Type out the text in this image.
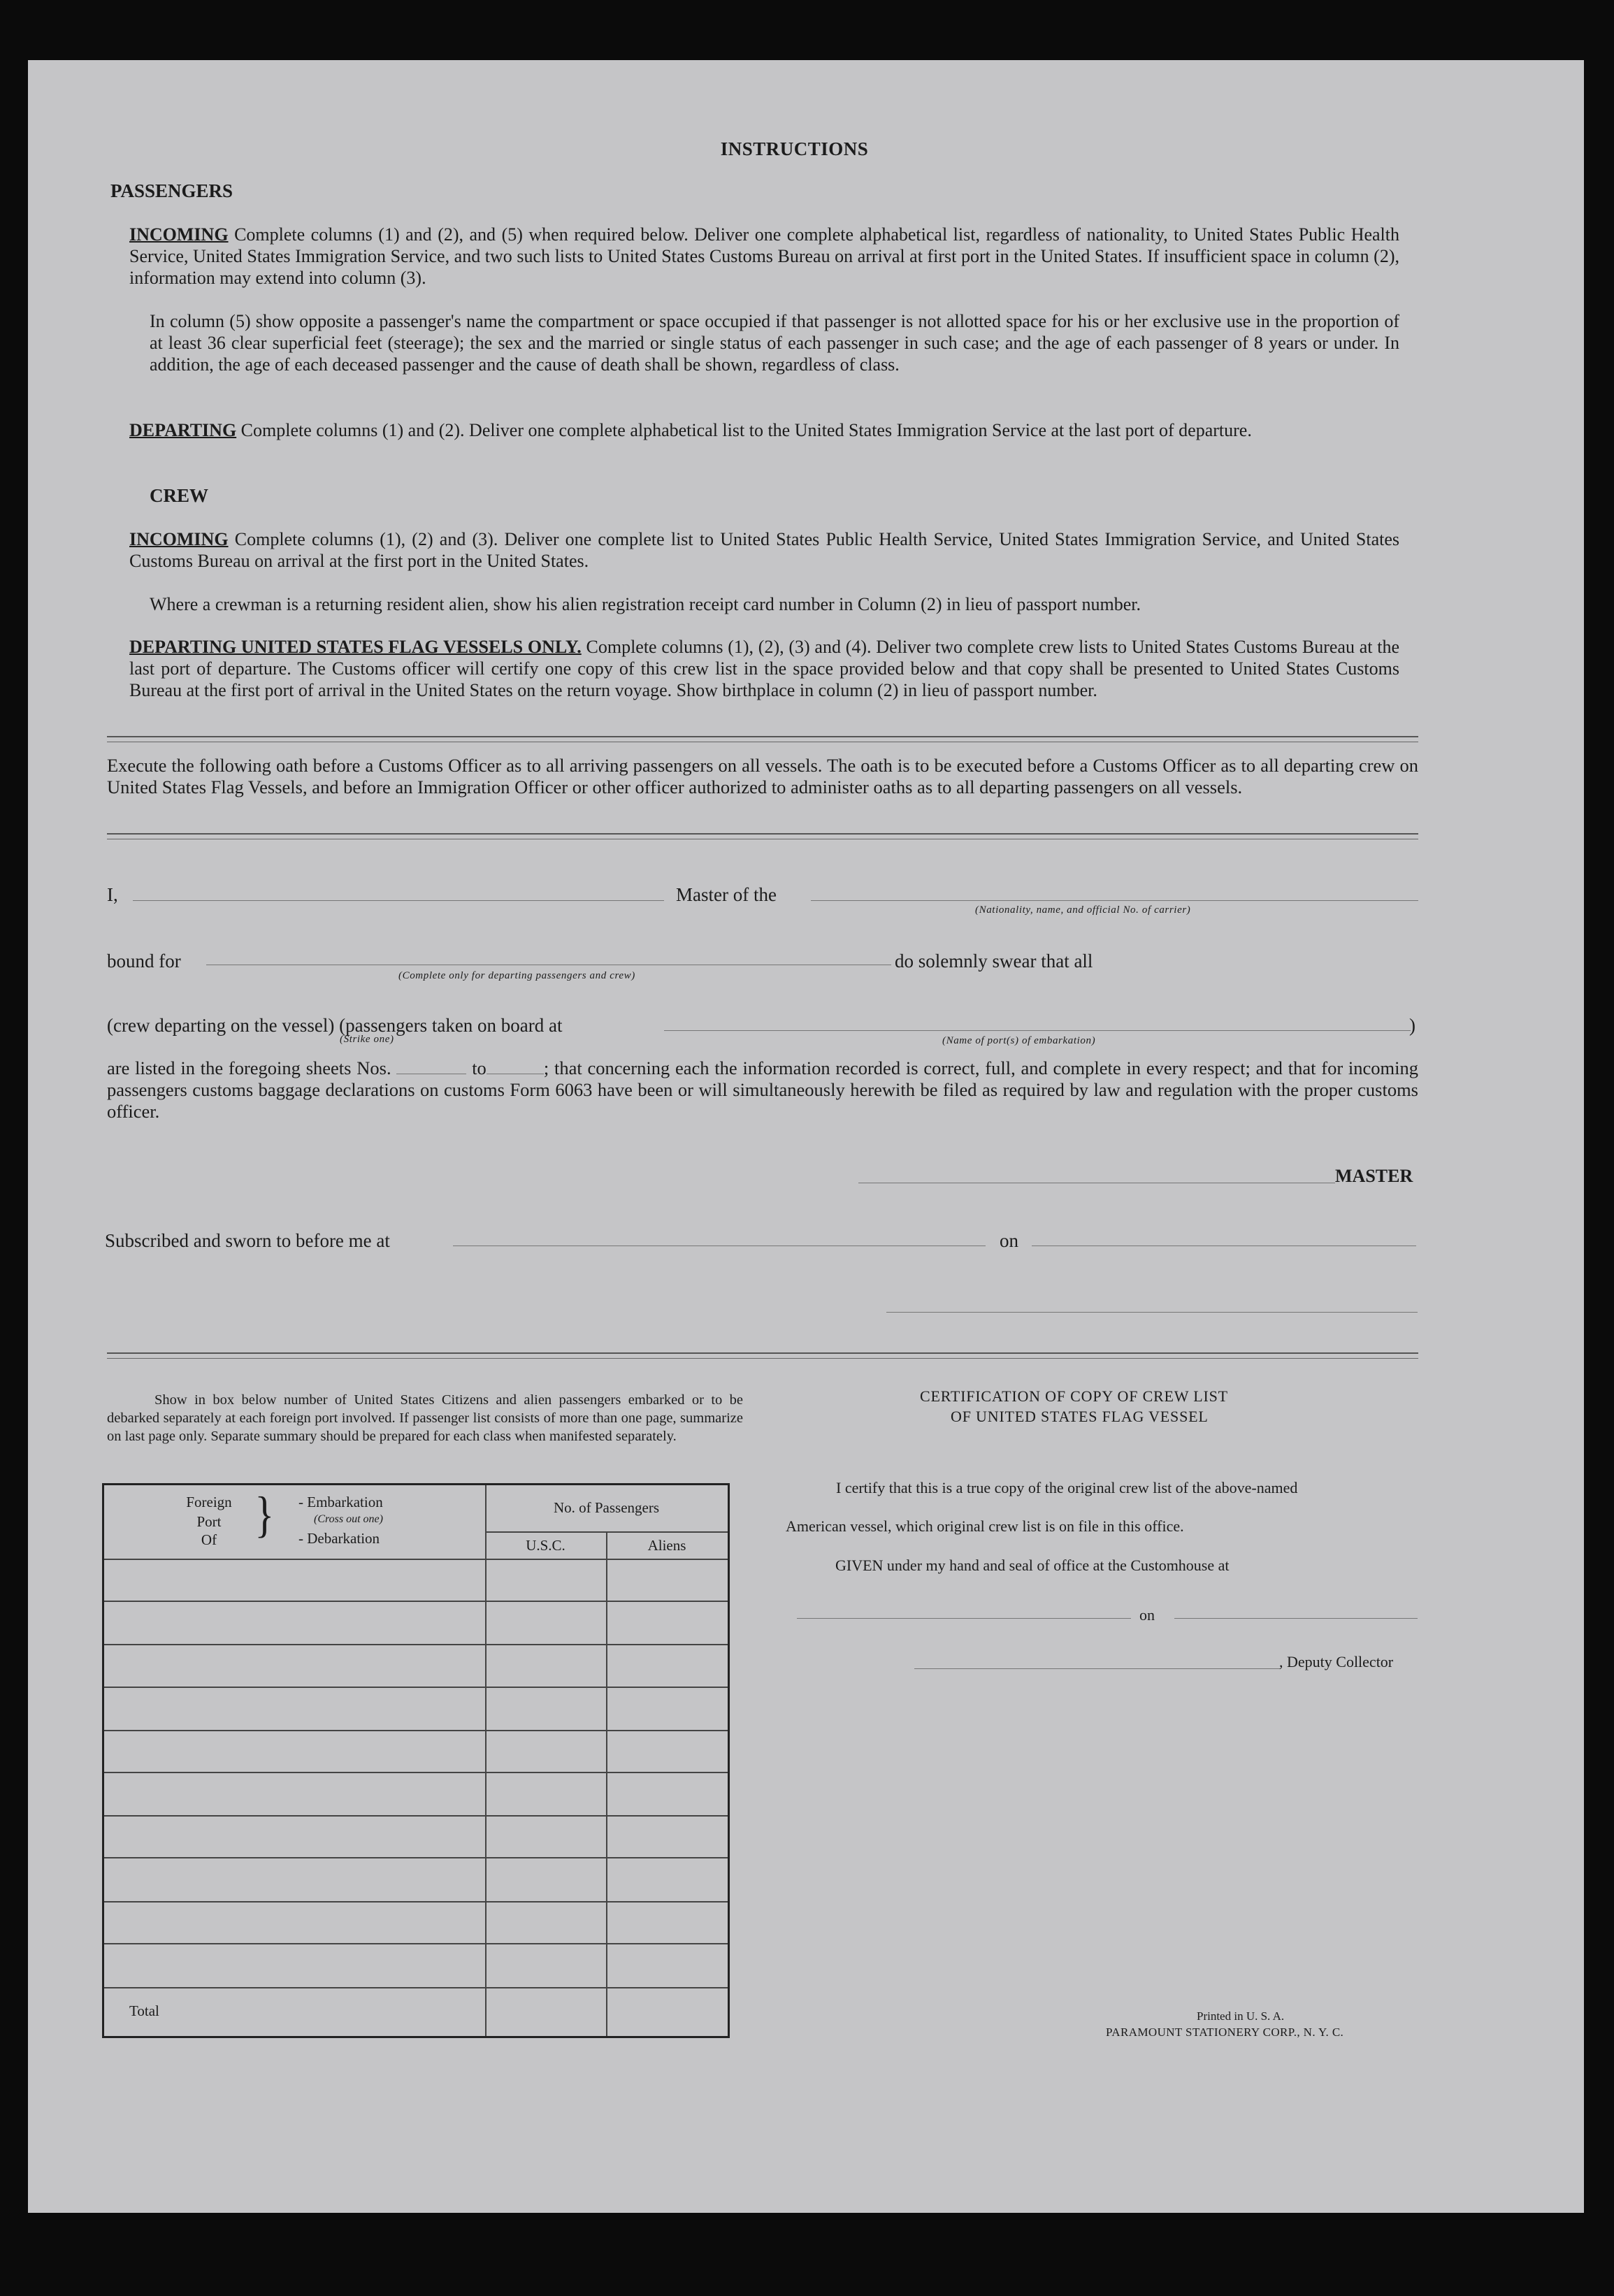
INSTRUCTIONS
PASSENGERS
INCOMING Complete columns (1) and (2), and (5) when required below. Deliver one complete alphabetical list, regardless of nationality, to United States Public Health Service, United States Immigration Service, and two such lists to United States Customs Bureau on arrival at first port in the United States. If insufficient space in column (2), information may extend into column (3).
In column (5) show opposite a passenger's name the compartment or space occupied if that passenger is not allotted space for his or her exclusive use in the proportion of at least 36 clear superficial feet (steerage); the sex and the married or single status of each passenger in such case; and the age of each passenger of 8 years or under. In addition, the age of each deceased passenger and the cause of death shall be shown, regardless of class.
DEPARTING Complete columns (1) and (2). Deliver one complete alphabetical list to the United States Immigration Service at the last port of departure.
CREW
INCOMING Complete columns (1), (2) and (3). Deliver one complete list to United States Public Health Service, United States Immigration Service, and United States Customs Bureau on arrival at the first port in the United States.
Where a crewman is a returning resident alien, show his alien registration receipt card number in Column (2) in lieu of passport number.
DEPARTING UNITED STATES FLAG VESSELS ONLY. Complete columns (1), (2), (3) and (4). Deliver two complete crew lists to United States Customs Bureau at the last port of departure. The Customs officer will certify one copy of this crew list in the space provided below and that copy shall be presented to United States Customs Bureau at the first port of arrival in the United States on the return voyage. Show birthplace in column (2) in lieu of passport number.
Execute the following oath before a Customs Officer as to all arriving passengers on all vessels. The oath is to be executed before a Customs Officer as to all departing crew on United States Flag Vessels, and before an Immigration Officer or other officer authorized to administer oaths as to all departing passengers on all vessels.
I,	Master of the
(Nationality, name, and official No. of carrier)
bound for
(Complete only for departing passengers and crew)
do solemnly swear that all
(crew departing on the vessel) (passengers taken on board at
(Strike one)	(Name of port(s) of embarkation)
)
are listed in the foregoing sheets Nos.	to	; that concerning each the information recorded is correct, full, and complete in every respect; and that for incoming passengers customs baggage declarations on customs Form 6063 have been or will simultaneously herewith be filed as required by law and regulation with the proper customs officer.
MASTER
Subscribed and sworn to before me at	on
Show in box below number of United States Citizens and alien passengers embarked or to be debarked separately at each foreign port involved. If passenger list consists of more than one page, summarize on last page only. Separate summary should be prepared for each class when manifested separately.
Foreign
Port
Of } - Embarkation
(Cross out one)
- Debarkation
No. of Passengers
U.S.C.	Aliens
Total
CERTIFICATION OF COPY OF CREW LIST
OF UNITED STATES FLAG VESSEL
I certify that this is a true copy of the original crew list of the above-named
American vessel, which original crew list is on file in this office.
GIVEN under my hand and seal of office at the Customhouse at
on
, Deputy Collector
Printed in U. S. A.
PARAMOUNT STATIONERY CORP., N. Y. C.
